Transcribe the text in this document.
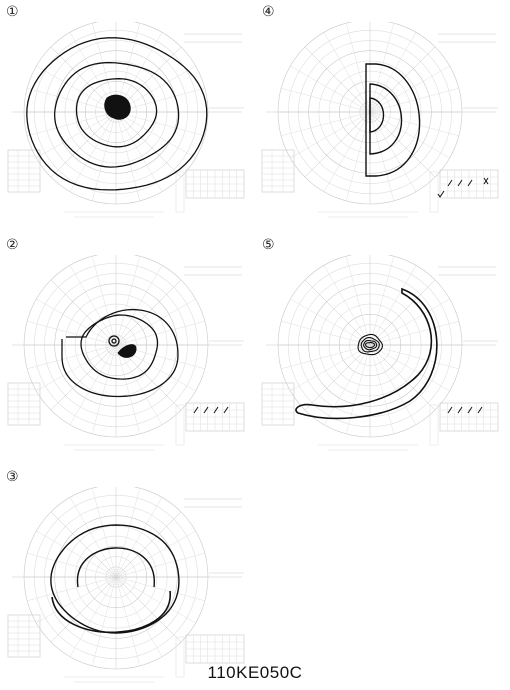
①	④
②	⑤
③
110KE050C
